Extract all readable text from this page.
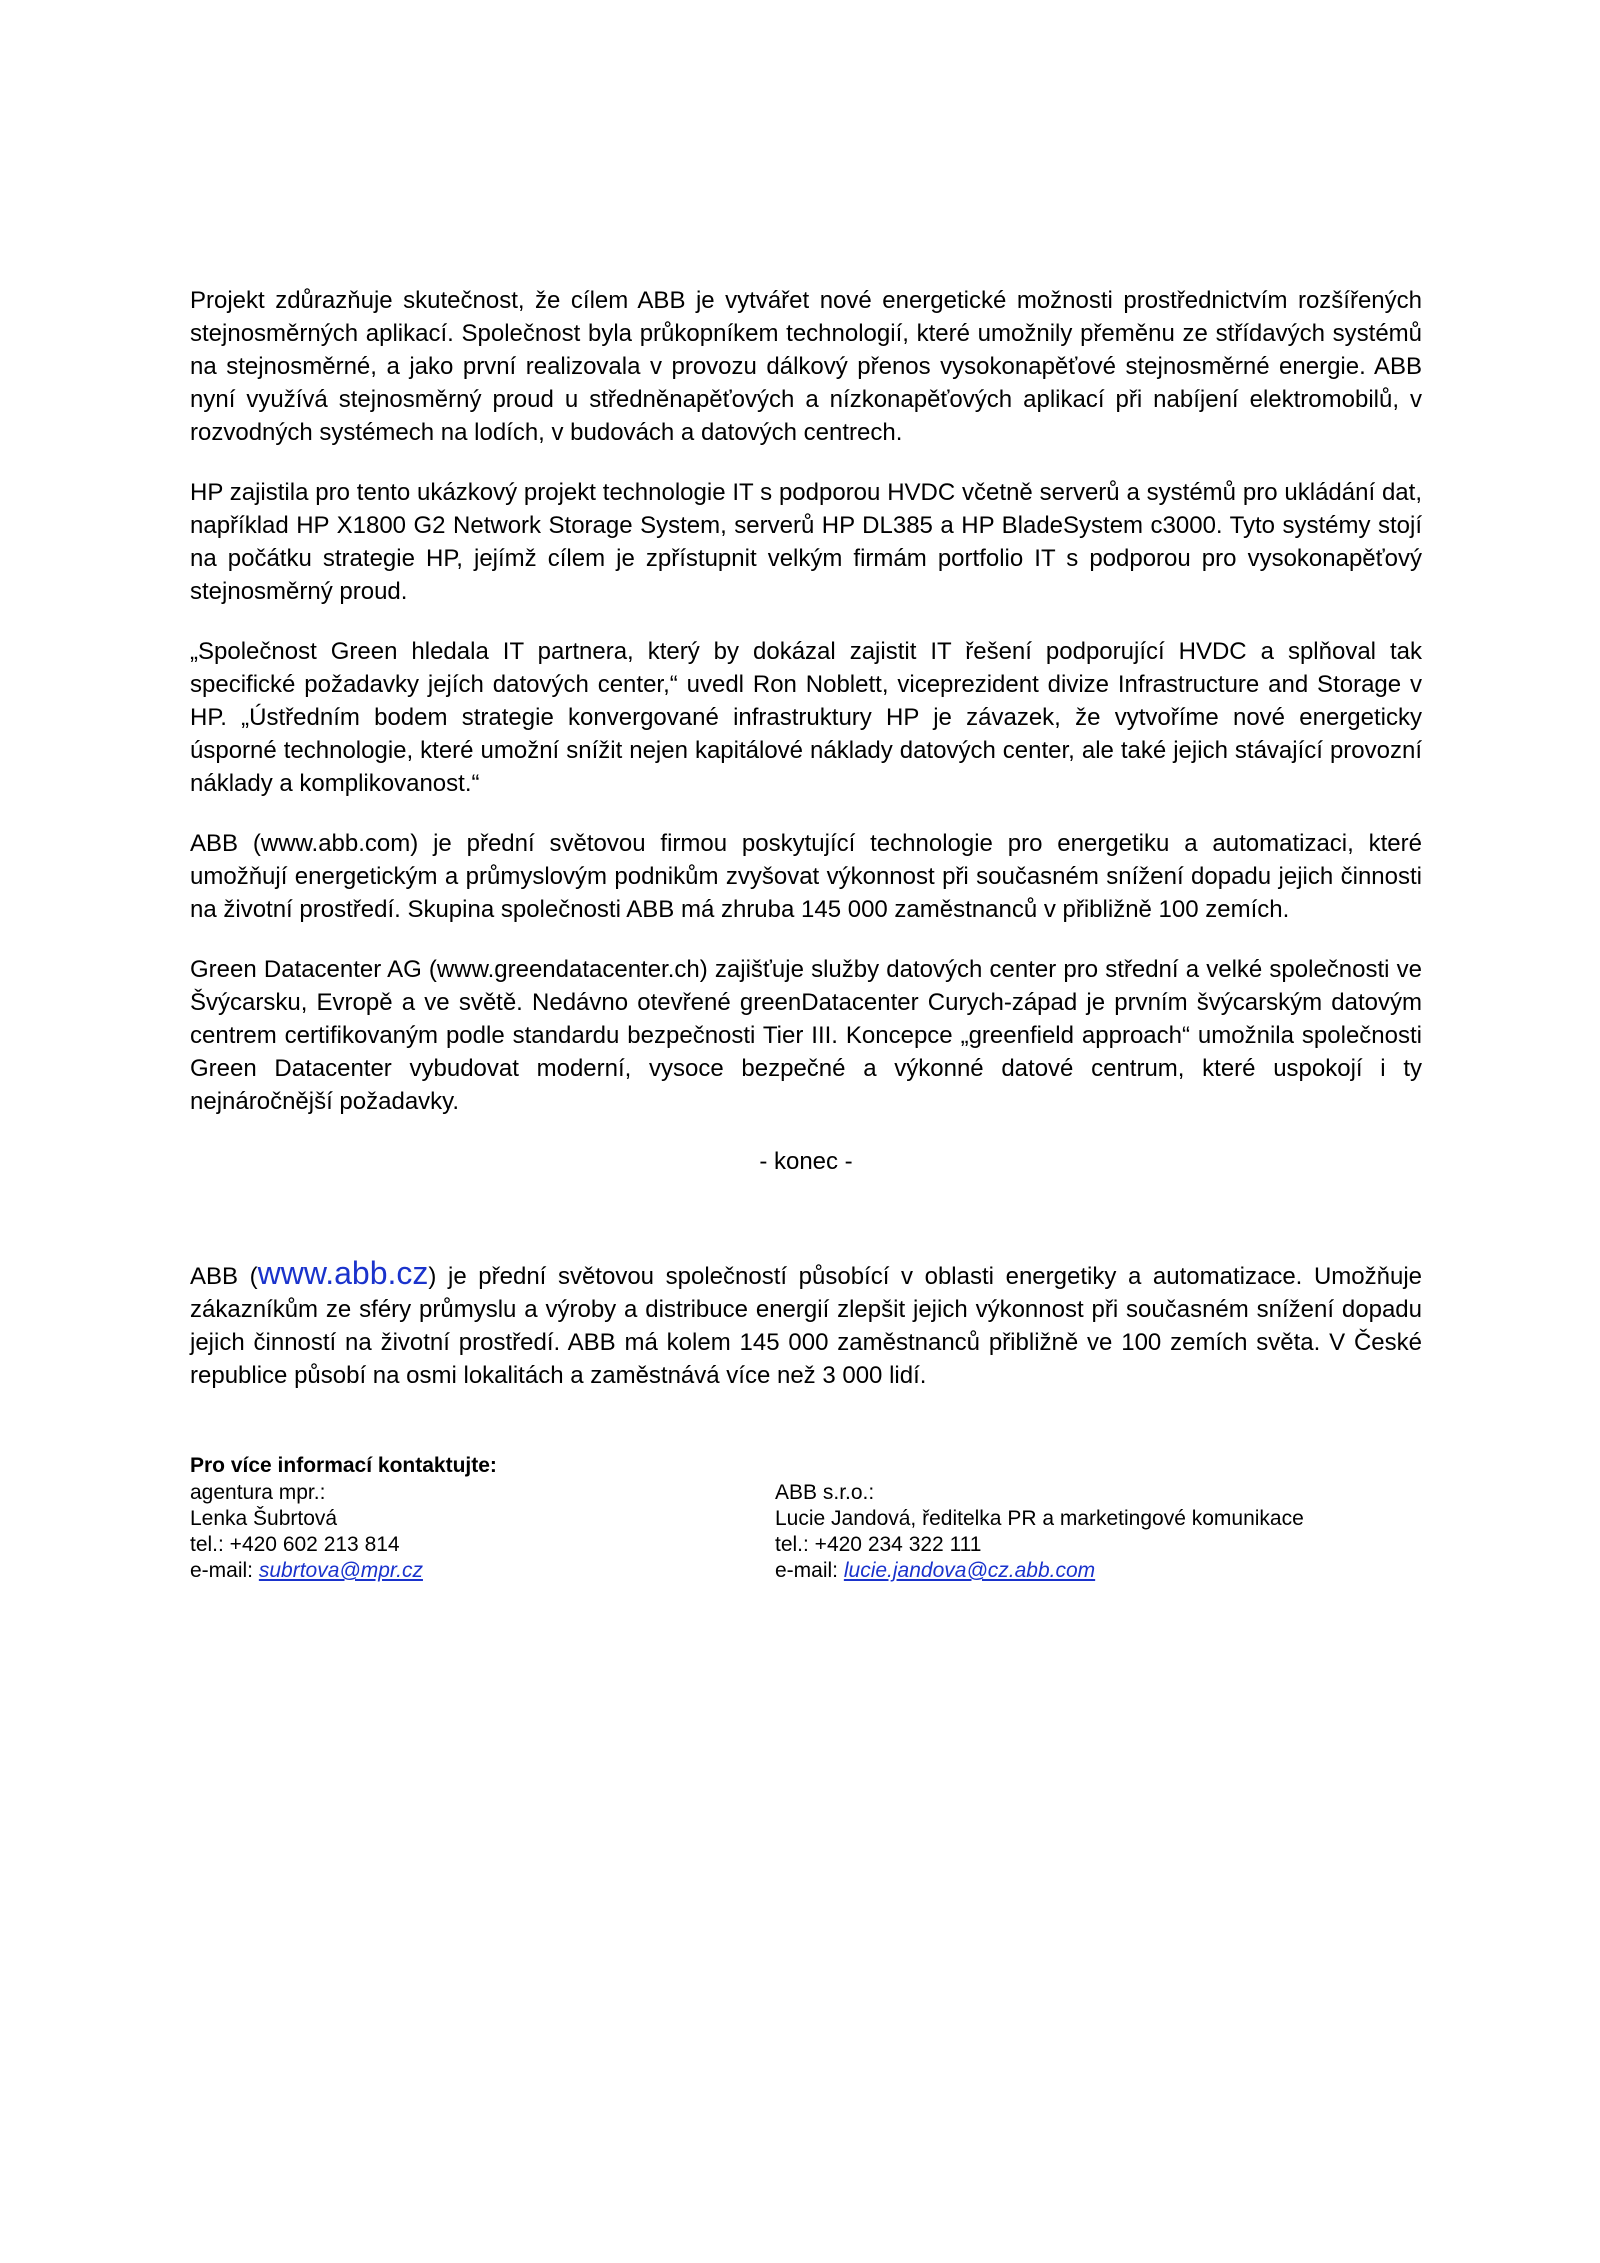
Projekt zdůrazňuje skutečnost, že cílem ABB je vytvářet nové energetické možnosti prostřednictvím rozšířených stejnosměrných aplikací. Společnost byla průkopníkem technologií, které umožnily přeměnu ze střídavých systémů na stejnosměrné, a jako první realizovala v provozu dálkový přenos vysokonapěťové stejnosměrné energie. ABB nyní využívá stejnosměrný proud u středněnapěťových a nízkonapěťových aplikací při nabíjení elektromobilů, v rozvodných systémech na lodích, v budovách a datových centrech.

HP zajistila pro tento ukázkový projekt technologie IT s podporou HVDC včetně serverů a systémů pro ukládání dat, například HP X1800 G2 Network Storage System, serverů HP DL385 a HP BladeSystem c3000. Tyto systémy stojí na počátku strategie HP, jejímž cílem je zpřístupnit velkým firmám portfolio IT s podporou pro vysokonapěťový stejnosměrný proud.

„Společnost Green hledala IT partnera, který by dokázal zajistit IT řešení podporující HVDC a splňoval tak specifické požadavky jejích datových center,“ uvedl Ron Noblett, viceprezident divize Infrastructure and Storage v HP. „Ústředním bodem strategie konvergované infrastruktury HP je závazek, že vytvoříme nové energeticky úsporné technologie, které umožní snížit nejen kapitálové náklady datových center, ale také jejich stávající provozní náklady a komplikovanost.“

ABB (www.abb.com) je přední světovou firmou poskytující technologie pro energetiku a automatizaci, které umožňují energetickým a průmyslovým podnikům zvyšovat výkonnost při současném snížení dopadu jejich činnosti na životní prostředí. Skupina společnosti ABB má zhruba 145 000 zaměstnanců v přibližně 100 zemích.

Green Datacenter AG (www.greendatacenter.ch) zajišťuje služby datových center pro střední a velké společnosti ve Švýcarsku, Evropě a ve světě. Nedávno otevřené greenDatacenter Curych-západ je prvním švýcarským datovým centrem certifikovaným podle standardu bezpečnosti Tier III. Koncepce „greenfield approach“ umožnila společnosti Green Datacenter vybudovat moderní, vysoce bezpečné a výkonné datové centrum, které uspokojí i ty nejnáročnější požadavky.

- konec -

ABB (www.abb.cz) je přední světovou společností působící v oblasti energetiky a automatizace. Umožňuje zákazníkům ze sféry průmyslu a výroby a distribuce energií zlepšit jejich výkonnost při současném snížení dopadu jejich činností na životní prostředí. ABB má kolem 145 000 zaměstnanců přibližně ve 100 zemích světa. V České republice působí na osmi lokalitách a zaměstnává více než 3 000 lidí.

Pro více informací kontaktujte:

agentura mpr.:
Lenka Šubrtová
tel.: +420 602 213 814
e-mail: subrtova@mpr.cz
ABB s.r.o.:
Lucie Jandová, ředitelka PR a marketingové komunikace
tel.: +420 234 322 111
e-mail: lucie.jandova@cz.abb.com
